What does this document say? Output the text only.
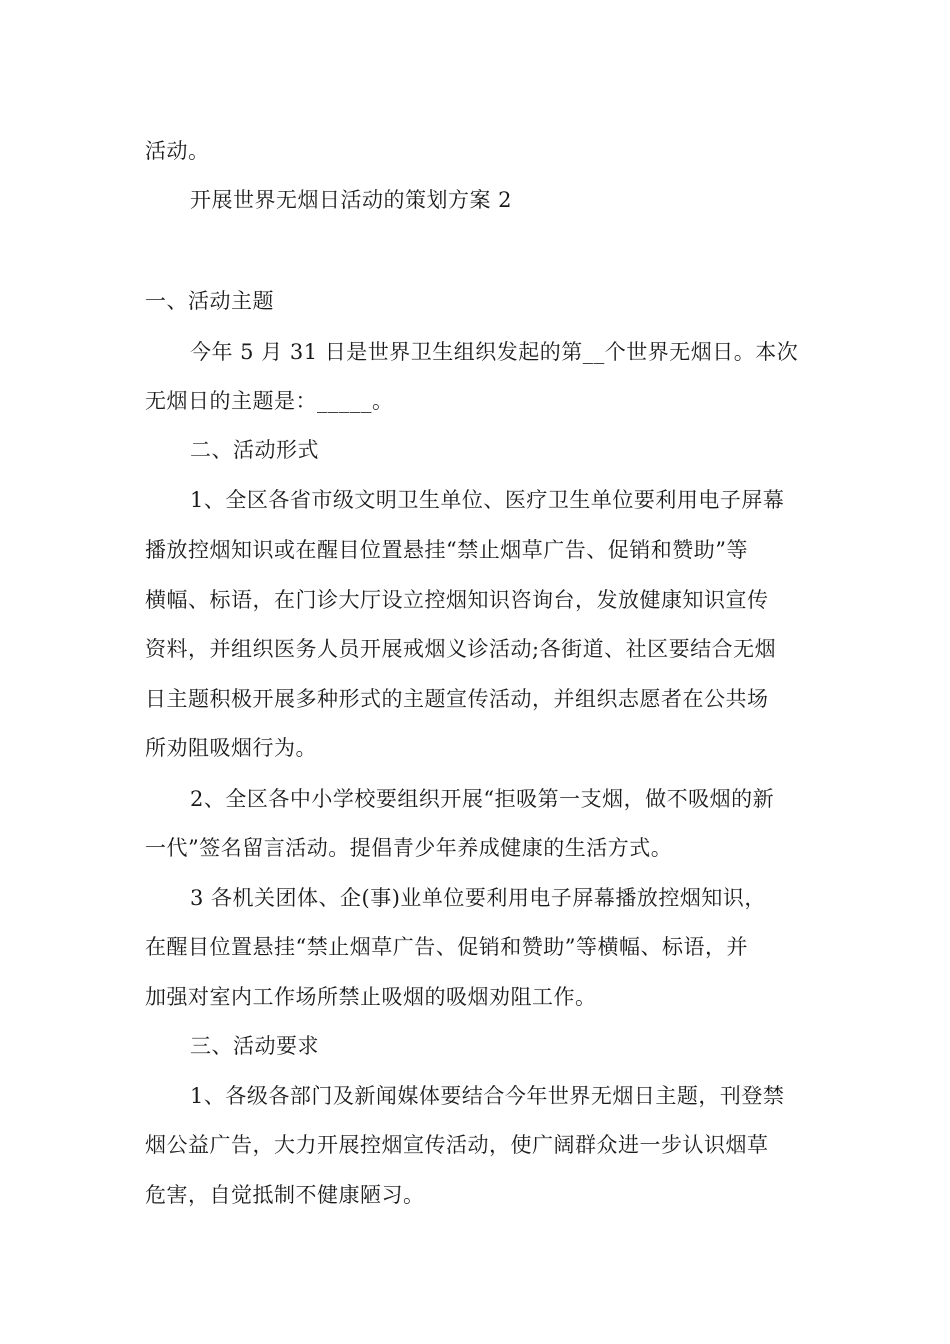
活动。
开展世界无烟日活动的策划方案 2
一、活动主题
今年 5 月 31 日是世界卫生组织发起的第__个世界无烟日。本次
无烟日的主题是：_____。
二、活动形式
1、全区各省市级文明卫生单位、医疗卫生单位要利用电子屏幕
播放控烟知识或在醒目位置悬挂“禁止烟草广告、促销和赞助”等
横幅、标语，在门诊大厅设立控烟知识咨询台，发放健康知识宣传
资料，并组织医务人员开展戒烟义诊活动;各街道、社区要结合无烟
日主题积极开展多种形式的主题宣传活动，并组织志愿者在公共场
所劝阻吸烟行为。
2、全区各中小学校要组织开展“拒吸第一支烟，做不吸烟的新
一代”签名留言活动。提倡青少年养成健康的生活方式。
3 各机关团体、企(事)业单位要利用电子屏幕播放控烟知识，
在醒目位置悬挂“禁止烟草广告、促销和赞助”等横幅、标语，并
加强对室内工作场所禁止吸烟的吸烟劝阻工作。
三、活动要求
1、各级各部门及新闻媒体要结合今年世界无烟日主题，刊登禁
烟公益广告，大力开展控烟宣传活动，使广阔群众进一步认识烟草
危害，自觉抵制不健康陋习。
